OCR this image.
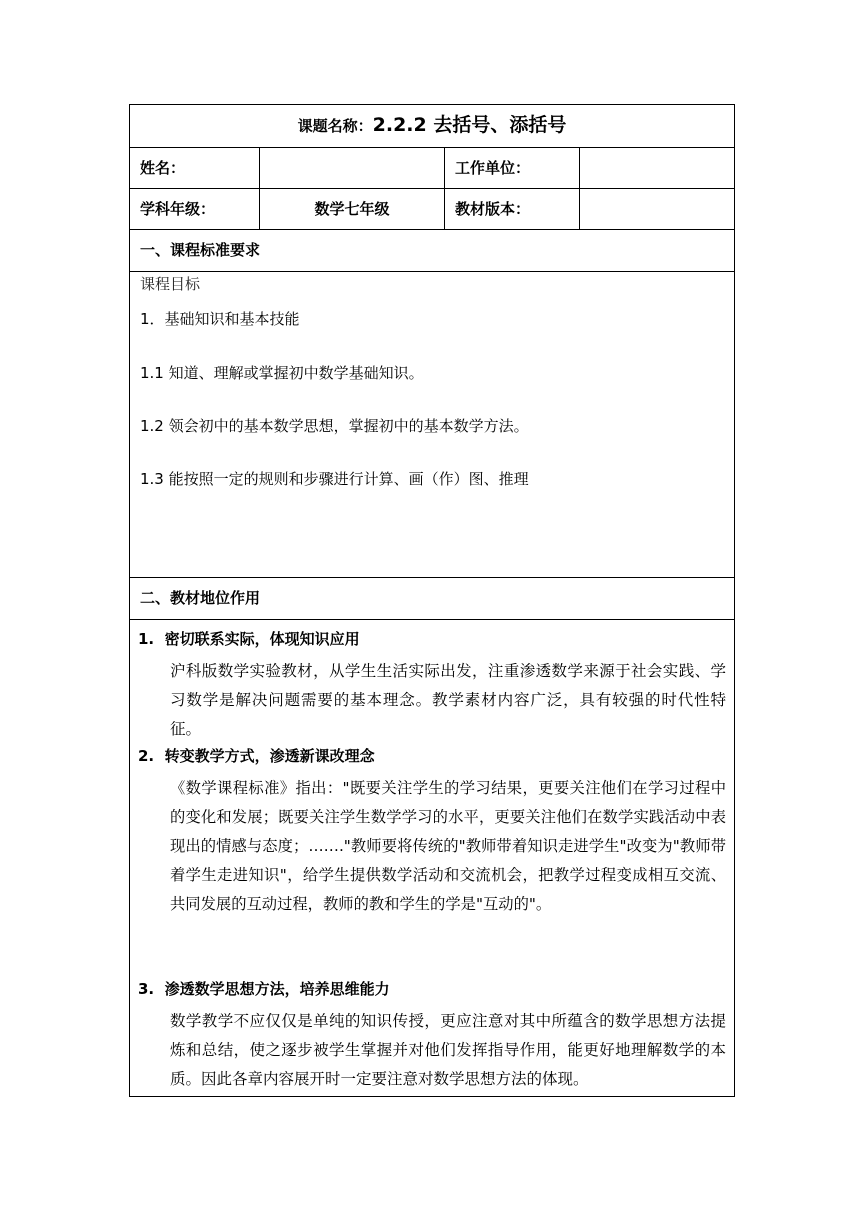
课题名称：2.2.2 去括号、添括号
姓名：	工作单位：
学科年级：	数学七年级	教材版本：
一、课程标准要求
课程目标
1．基础知识和基本技能
1.1 知道、理解或掌握初中数学基础知识。
1.2 领会初中的基本数学思想，掌握初中的基本数学方法。
1.3 能按照一定的规则和步骤进行计算、画（作）图、推理
二、教材地位作用
1. 密切联系实际，体现知识应用
沪科版数学实验教材，从学生生活实际出发，注重渗透数学来源于社会实践、学习数学是解决问题需要的基本理念。教学素材内容广泛，具有较强的时代性特征。
2. 转变教学方式，渗透新课改理念
《数学课程标准》指出："既要关注学生的学习结果，更要关注他们在学习过程中的变化和发展；既要关注学生数学学习的水平，更要关注他们在数学实践活动中表现出的情感与态度；……."教师要将传统的"教师带着知识走进学生"改变为"教师带着学生走进知识"，给学生提供数学活动和交流机会，把教学过程变成相互交流、共同发展的互动过程，教师的教和学生的学是"互动的"。
3. 渗透数学思想方法，培养思维能力
数学教学不应仅仅是单纯的知识传授，更应注意对其中所蕴含的数学思想方法提炼和总结，使之逐步被学生掌握并对他们发挥指导作用，能更好地理解数学的本质。因此各章内容展开时一定要注意对数学思想方法的体现。
